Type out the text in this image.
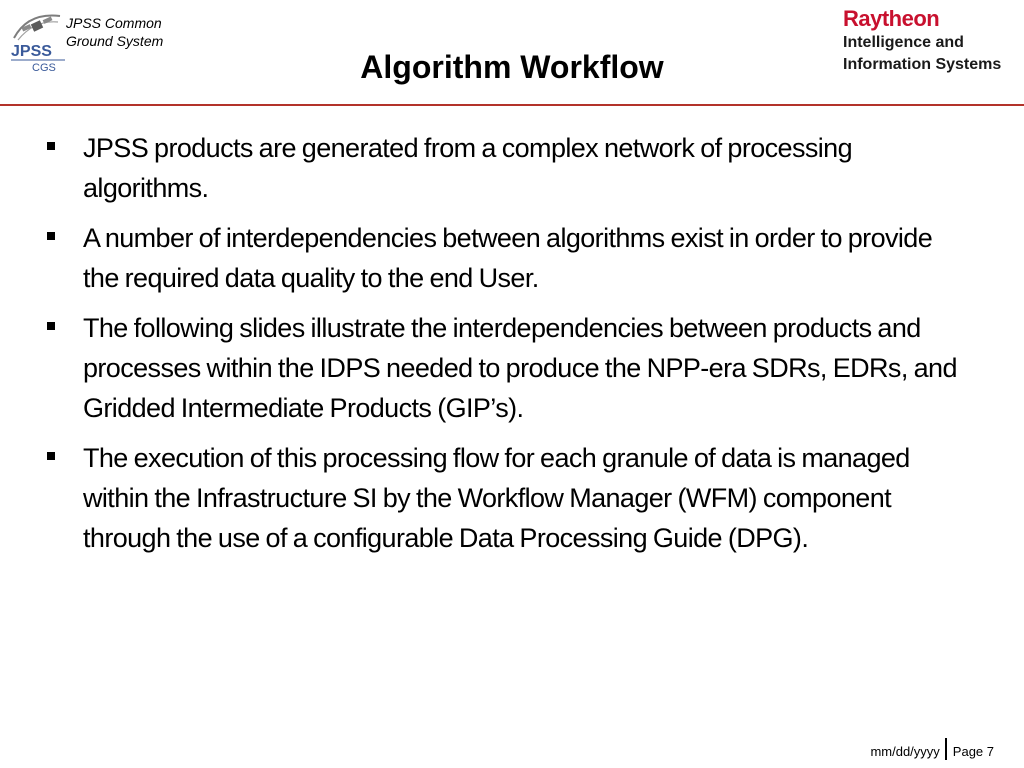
JPSS
CGS
JPSS Common
Ground System
Algorithm Workflow
Raytheon
Intelligence and
Information Systems
JPSS products are generated from a complex network of processing algorithms.
A number of interdependencies between algorithms exist in order to provide the required data quality to the end User.
The following slides illustrate the interdependencies between products and processes within the IDPS needed to produce the NPP-era SDRs, EDRs, and Gridded Intermediate Products (GIP’s).
The execution of this processing flow for each granule of data is managed within the Infrastructure SI by the Workflow Manager (WFM) component through the use of a configurable Data Processing Guide (DPG).
mm/dd/yyyy	Page 7
